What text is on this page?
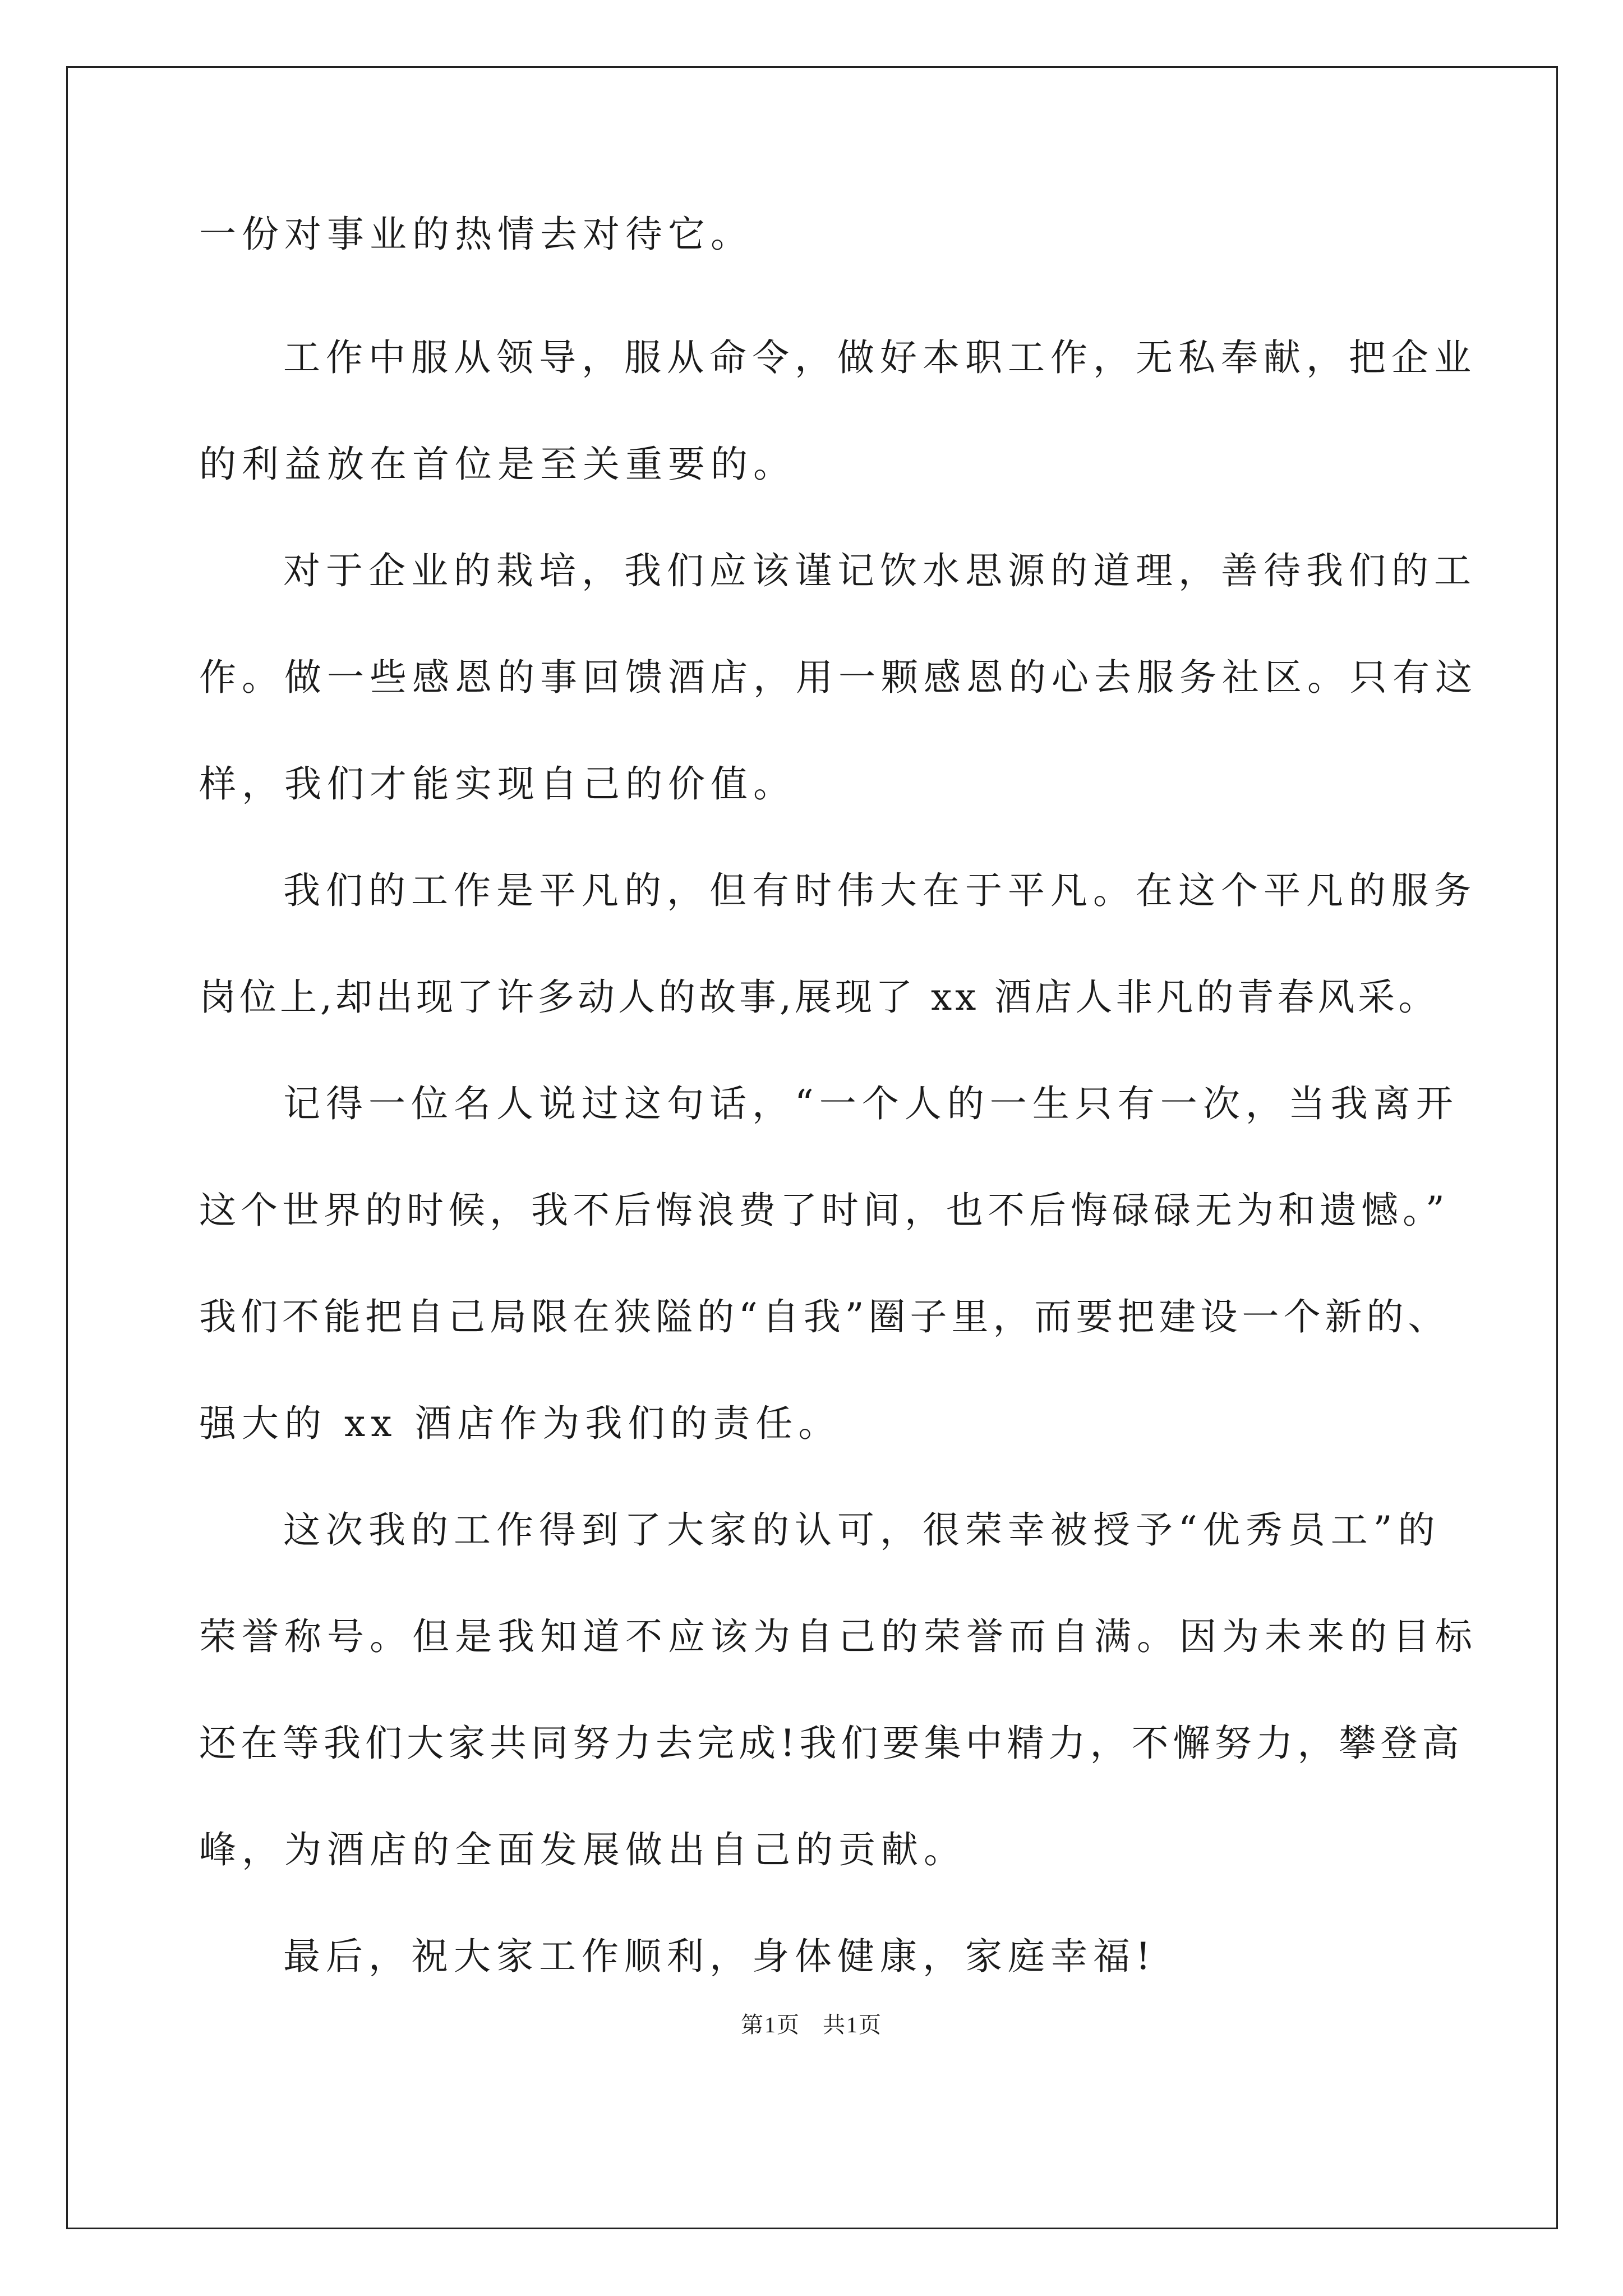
一份对事业的热情去对待它。
工作中服从领导，服从命令，做好本职工作，无私奉献，把企业
的利益放在首位是至关重要的。
对于企业的栽培，我们应该谨记饮水思源的道理，善待我们的工
作。做一些感恩的事回馈酒店，用一颗感恩的心去服务社区。只有这
样，我们才能实现自己的价值。
我们的工作是平凡的，但有时伟大在于平凡。在这个平凡的服务
岗位上,却出现了许多动人的故事,展现了 xx 酒店人非凡的青春风采。
记得一位名人说过这句话，“一个人的一生只有一次，当我离开
这个世界的时候，我不后悔浪费了时间，也不后悔碌碌无为和遗憾。”
我们不能把自己局限在狭隘的“自我”圈子里，而要把建设一个新的、
强大的 xx 酒店作为我们的责任。
这次我的工作得到了大家的认可，很荣幸被授予“优秀员工”的
荣誉称号。但是我知道不应该为自己的荣誉而自满。因为未来的目标
还在等我们大家共同努力去完成!我们要集中精力，不懈努力，攀登高
峰，为酒店的全面发展做出自己的贡献。
最后，祝大家工作顺利，身体健康，家庭幸福!
第1页 共1页
